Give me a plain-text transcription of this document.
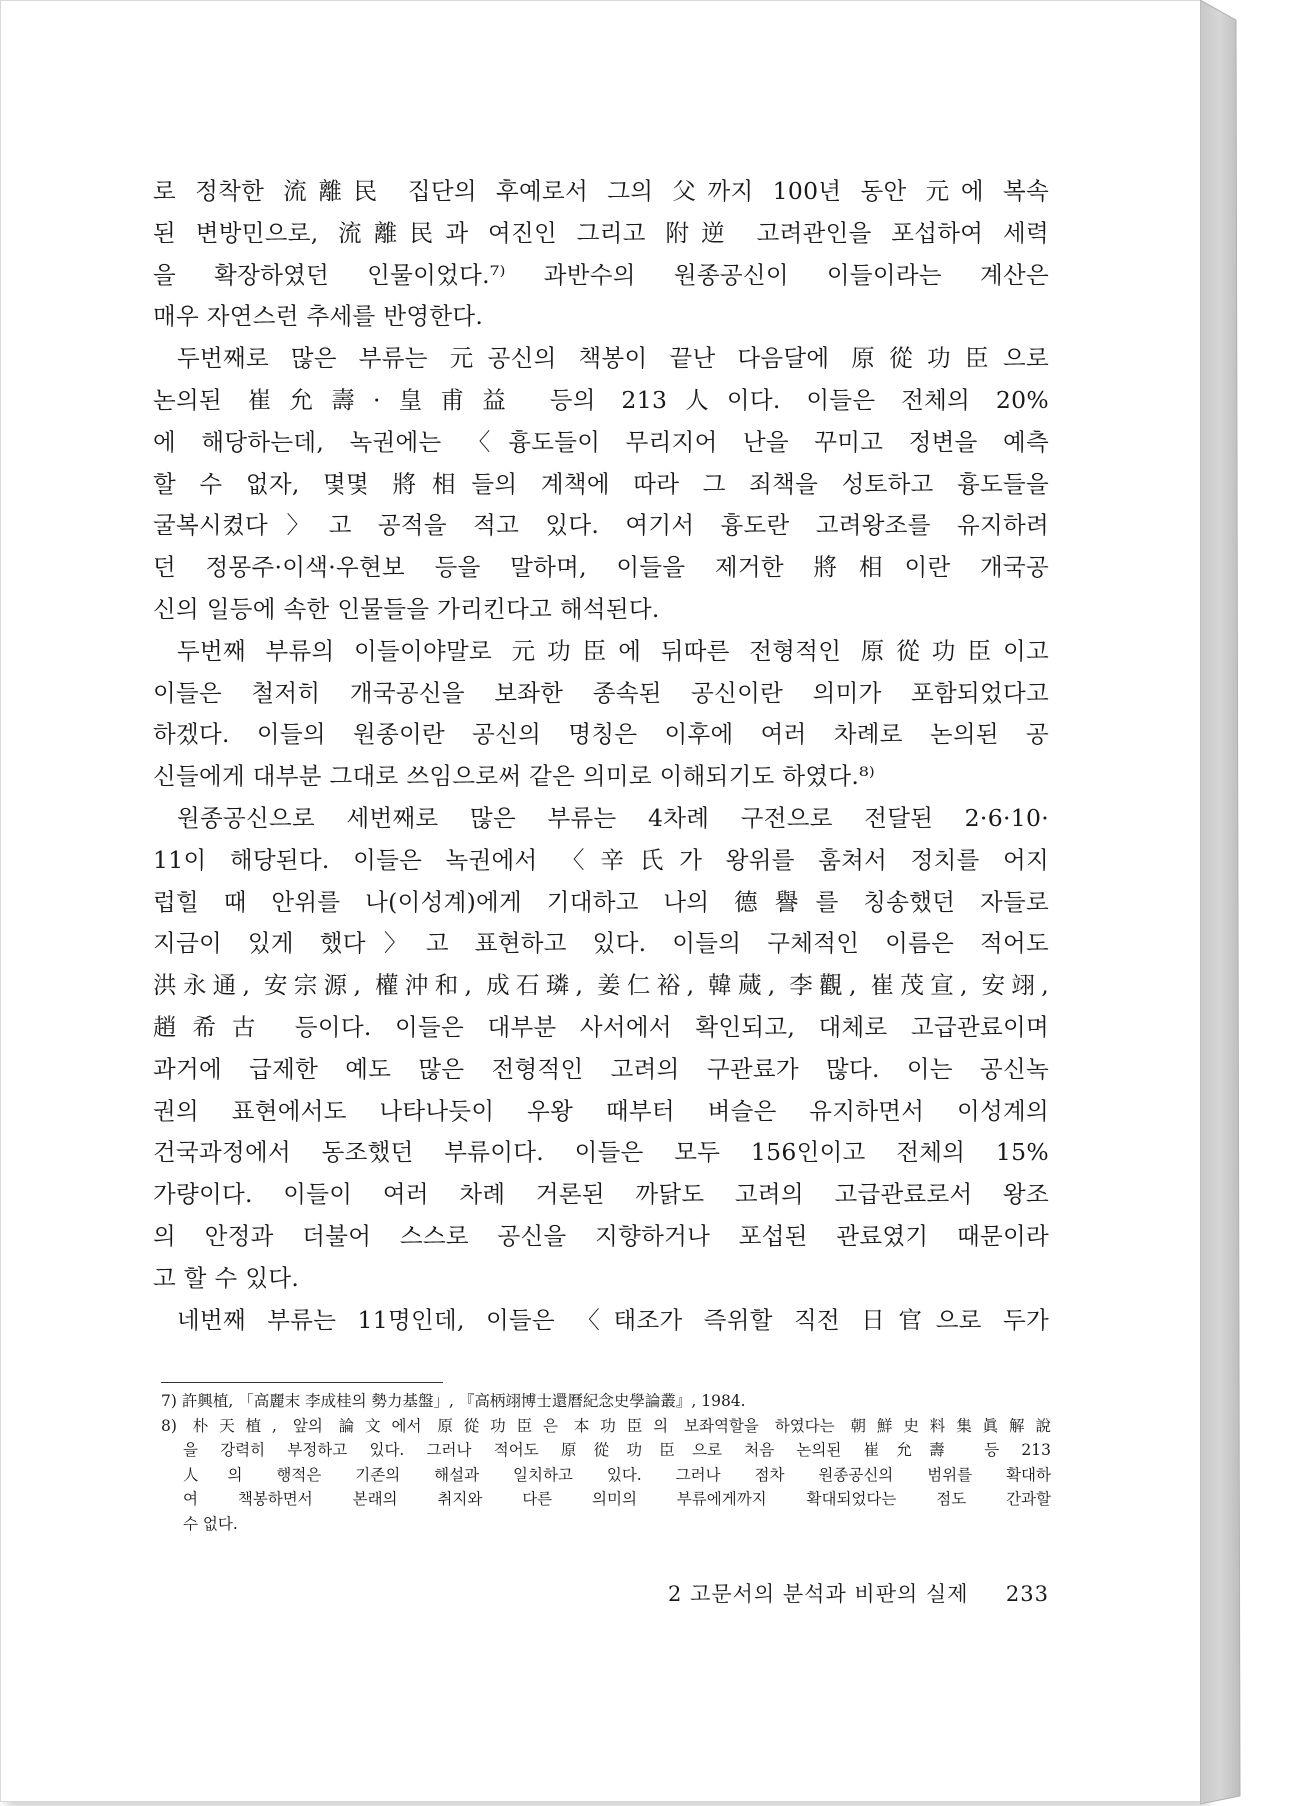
로 정착한 流離民 집단의 후예로서 그의 父까지 100년 동안 元에 복속
된 변방민으로, 流離民과 여진인 그리고 附逆 고려관인을 포섭하여 세력
을 확장하였던 인물이었다.⁷⁾ 과반수의 원종공신이 이들이라는 계산은
매우 자연스런 추세를 반영한다.

두번째로 많은 부류는 元공신의 책봉이 끝난 다음달에 原從功臣으로
논의된 崔允壽·皇甫益 등의 213人이다. 이들은 전체의 20%
에 해당하는데, 녹권에는 〈흉도들이 무리지어 난을 꾸미고 정변을 예측
할 수 없자, 몇몇 將相들의 계책에 따라 그 죄책을 성토하고 흉도들을
굴복시켰다〉고 공적을 적고 있다. 여기서 흉도란 고려왕조를 유지하려
던 정몽주·이색·우현보 등을 말하며, 이들을 제거한 將相이란 개국공
신의 일등에 속한 인물들을 가리킨다고 해석된다.

두번째 부류의 이들이야말로 元功臣에 뒤따른 전형적인 原從功臣이고
이들은 철저히 개국공신을 보좌한 종속된 공신이란 의미가 포함되었다고
하겠다. 이들의 원종이란 공신의 명칭은 이후에 여러 차례로 논의된 공
신들에게 대부분 그대로 쓰임으로써 같은 의미로 이해되기도 하였다.⁸⁾

원종공신으로 세번째로 많은 부류는 4차례 구전으로 전달된 2·6·10·
11이 해당된다. 이들은 녹권에서 〈辛氏가 왕위를 훔쳐서 정치를 어지
럽힐 때 안위를 나(이성계)에게 기대하고 나의 德譽를 칭송했던 자들로
지금이 있게 했다〉고 표현하고 있다. 이들의 구체적인 이름은 적어도
洪永通, 安宗源, 權沖和, 成石璘, 姜仁裕, 韓蒇, 李觀, 崔茂宣, 安翊,
趙希古 등이다. 이들은 대부분 사서에서 확인되고, 대체로 고급관료이며
과거에 급제한 예도 많은 전형적인 고려의 구관료가 많다. 이는 공신녹
권의 표현에서도 나타나듯이 우왕 때부터 벼슬은 유지하면서 이성계의
건국과정에서 동조했던 부류이다. 이들은 모두 156인이고 전체의 15%
가량이다. 이들이 여러 차례 거론된 까닭도 고려의 고급관료로서 왕조
의 안정과 더불어 스스로 공신을 지향하거나 포섭된 관료였기 때문이라
고 할 수 있다.

네번째 부류는 11명인데, 이들은 〈태조가 즉위할 직전 日官으로 두가

7) 許興植, 「高麗末 李成桂의 勢力基盤」, 『高柄翊博士還曆紀念史學論叢』, 1984.
8) 朴天植, 앞의 論文에서 原從功臣은 本功臣의 보좌역할을 하였다는 朝鮮史料集眞解說
을 강력히 부정하고 있다. 그러나 적어도 原從功臣으로 처음 논의된 崔允壽 등 213
人의 행적은 기존의 해설과 일치하고 있다. 그러나 점차 원종공신의 범위를 확대하
여 책봉하면서 본래의 취지와 다른 의미의 부류에게까지 확대되었다는 점도 간과할
수 없다.
2 고문서의 분석과 비판의 실제 233
